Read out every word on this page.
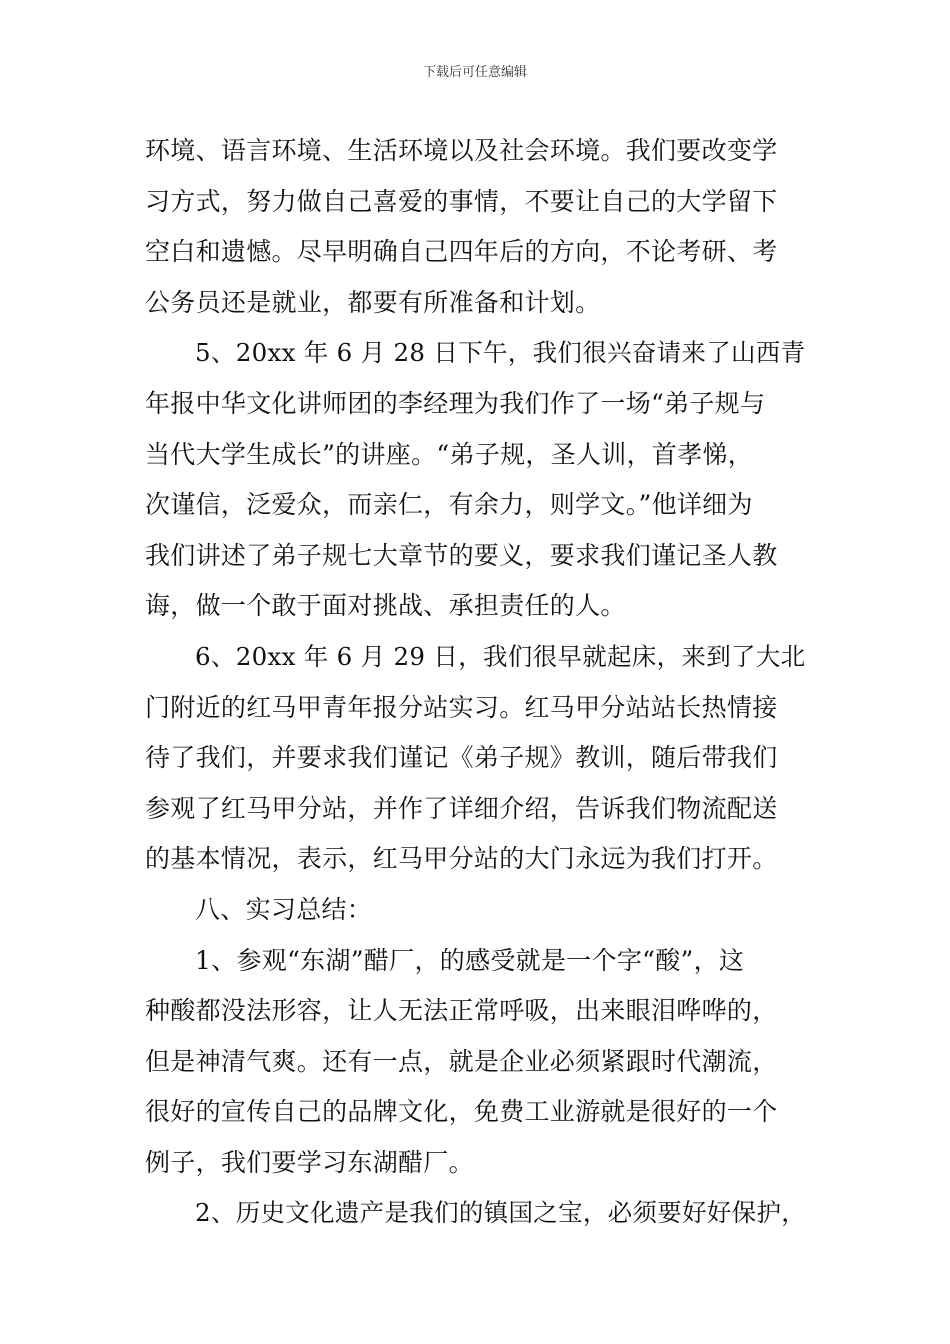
下载后可任意编辑
环境、语言环境、生活环境以及社会环境。我们要改变学
习方式，努力做自己喜爱的事情，不要让自己的大学留下
空白和遗憾。尽早明确自己四年后的方向，不论考研、考
公务员还是就业，都要有所准备和计划。
5、20xx 年 6 月 28 日下午，我们很兴奋请来了山西青
年报中华文化讲师团的李经理为我们作了一场“弟子规与
当代大学生成长”的讲座。“弟子规，圣人训，首孝悌，
次谨信，泛爱众，而亲仁，有余力，则学文。”他详细为
我们讲述了弟子规七大章节的要义，要求我们谨记圣人教
诲，做一个敢于面对挑战、承担责任的人。
6、20xx 年 6 月 29 日，我们很早就起床，来到了大北
门附近的红马甲青年报分站实习。红马甲分站站长热情接
待了我们，并要求我们谨记《弟子规》教训，随后带我们
参观了红马甲分站，并作了详细介绍，告诉我们物流配送
的基本情况，表示，红马甲分站的大门永远为我们打开。
八、实习总结：
1、参观“东湖”醋厂，的感受就是一个字“酸”，这
种酸都没法形容，让人无法正常呼吸，出来眼泪哗哗的，
但是神清气爽。还有一点，就是企业必须紧跟时代潮流，
很好的宣传自己的品牌文化，免费工业游就是很好的一个
例子，我们要学习东湖醋厂。
2、历史文化遗产是我们的镇国之宝，必须要好好保护，
